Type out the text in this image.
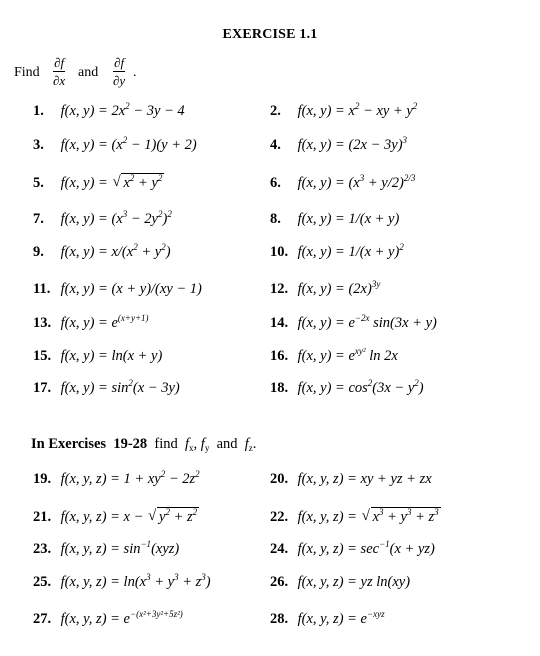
EXERCISE 1.1
Find $\frac{\partial f}{\partial x}$ and $\frac{\partial f}{\partial y}$ .
1. f(x, $y) = 2x^2 - 3y - 4$	2. f(x, $y) = x^2$ − xy + $y^2$
3. f(x, $y) = (x^2 - 1)(y + 2)$	4. f(x, $y) = (2x - 3y)^3$
5. f(x, y) = √ $x^2 + y^2$	6. f(x, $y) = (x^3 + y/2)^{2/3}$
7. f(x, $y) = (x^3 - 2y^2)^2$	8. f(x, y) = 1/(x + y)
9. f(x, $y) = x/(x^2 + y^2)$	10. f(x, $y) = 1/(x + y)^2$
11. f(x, y) = (x + y)/(xy − 1)	12. f(x, $y) = (2x)^{3y}$
13. f(x, $y) = e^{(x+y+1)}$	14. f(x, $y) = e^{-2x}$ sin(3x + y)
15. f(x, y) = ln(x + y)	16. f(x, $y) = e^{xy^2}$ ln 2x
17. f(x, $y) = \sin^2(x - 3y)$	18. f(x, $y) = \cos^2(3x - y^2)$
In Exercises 19-28 find $f_x$, $f_y$ and $f_z$.
19. f(x, y, $z) = 1 + xy^2 - 2z^2$	20. f(x, y, z) = xy + yz + zx
21. f(x, y, z) = x − √ $y^2 + z^2$	22. f(x, y, z) = √ $x^3 + y^3 + z^3$
23. f(x, y, $z) = \sin^{-1}(xyz)$	24. f(x, y, $z) = \sec^{-1}(x + yz)$
25. f(x, y, $z) = \ln(x^3 + y^3 + z^3)$	26. f(x, y, z) = yz ln(xy)
27. f(x, y, $z) = e^{-(x^2+3y^2+5z^2)}$	28. f(x, y, $z) = e^{-xyz}$
